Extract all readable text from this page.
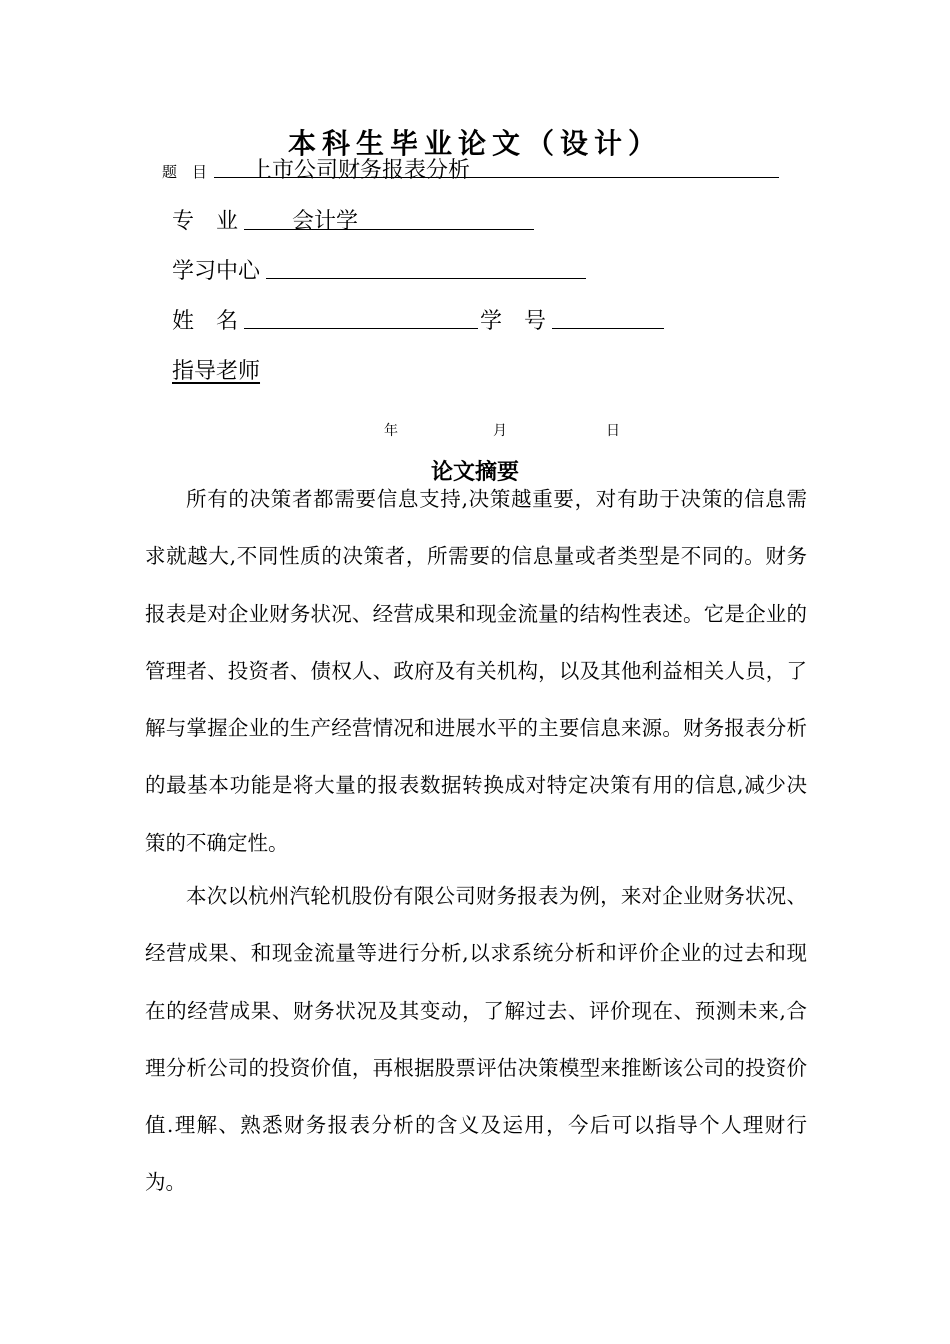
本科生毕业论文（设计）
题　目 上市公司财务报表分析
专　业 会计学
学习中心
姓　名	学　号
指导老师
年	月	日
论文摘要

所有的决策者都需要信息支持,决策越重要，对有助于决策的信息需求就越大,不同性质的决策者，所需要的信息量或者类型是不同的。财务报表是对企业财务状况、经营成果和现金流量的结构性表述。它是企业的管理者、投资者、债权人、政府及有关机构，以及其他利益相关人员，了解与掌握企业的生产经营情况和进展水平的主要信息来源。财务报表分析的最基本功能是将大量的报表数据转换成对特定决策有用的信息,减少决策的不确定性。

本次以杭州汽轮机股份有限公司财务报表为例，来对企业财务状况、经营成果、和现金流量等进行分析,以求系统分析和评价企业的过去和现在的经营成果、财务状况及其变动，了解过去、评价现在、预测未来,合理分析公司的投资价值，再根据股票评估决策模型来推断该公司的投资价值.理解、熟悉财务报表分析的含义及运用，今后可以指导个人理财行为。
